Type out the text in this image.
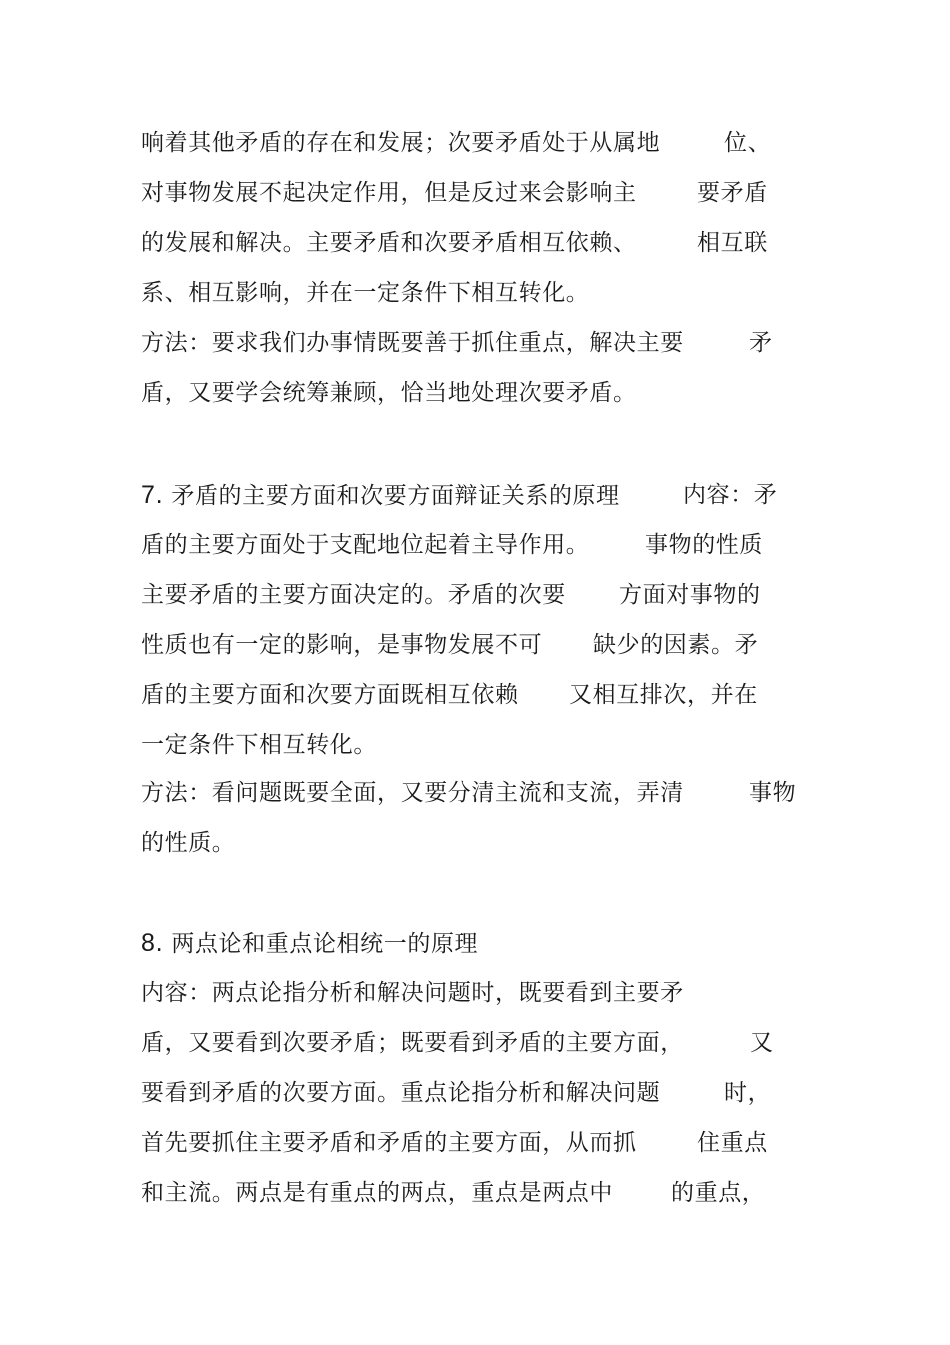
响着其他矛盾的存在和发展；次要矛盾处于从属地	位、
对事物发展不起决定作用，但是反过来会影响主	要矛盾
的发展和解决。主要矛盾和次要矛盾相互依赖、	相互联
系、相互影响，并在一定条件下相互转化。
方法：要求我们办事情既要善于抓住重点，解决主要	矛
盾，又要学会统筹兼顾，恰当地处理次要矛盾。
7. 矛盾的主要方面和次要方面辩证关系的原理	内容：矛
盾的主要方面处于支配地位起着主导作用。 事物的性质
主要矛盾的主要方面决定的。矛盾的次要 方面对事物的
性质也有一定的影响，是事物发展不可 缺少的因素。矛
盾的主要方面和次要方面既相互依赖 又相互排次，并在
一定条件下相互转化。
方法：看问题既要全面，又要分清主流和支流，弄清	事物
的性质。
8. 两点论和重点论相统一的原理
内容：两点论指分析和解决问题时，既要看到主要矛
盾，又要看到次要矛盾；既要看到矛盾的主要方面，	又
要看到矛盾的次要方面。重点论指分析和解决问题	时，
首先要抓住主要矛盾和矛盾的主要方面，从而抓	住重点
和主流。两点是有重点的两点，重点是两点中	的重点，
